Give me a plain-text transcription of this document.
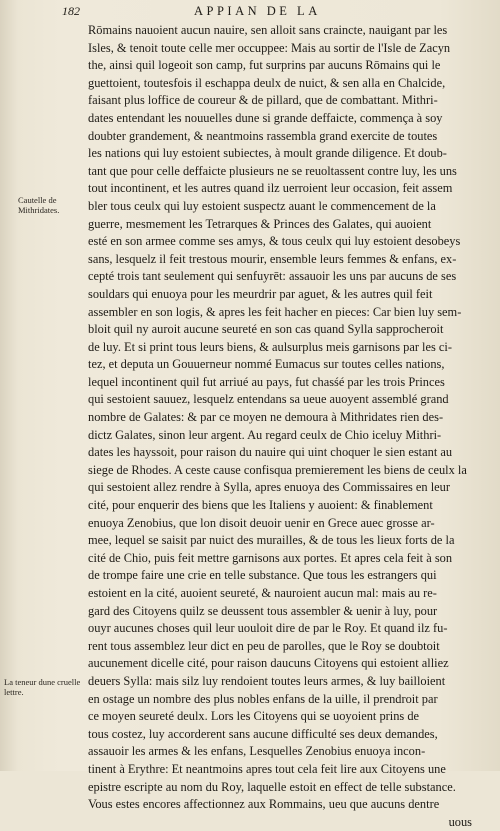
182	APPIAN DE LA
Cautelle de Mithridates.
La teneur dune cruelle lettre.
Rōmains nauoient aucun nauire, sen alloit sans craincte, nauigant par les
Isles, & tenoit toute celle mer occuppee: Mais au sortir de l'Isle de Zacyn
the, ainsi quil logeoit son camp, fut surprins par aucuns Rōmains qui le
guettoient, toutesfois il eschappa deulx de nuict, & sen alla en Chalcide,
faisant plus loffice de coureur & de pillard, que de combattant. Mithri-
dates entendant les nouuelles dune si grande deffaicte, commença à soy
doubter grandement, & neantmoins rassembla grand exercite de toutes
les nations qui luy estoient subiectes, à moult grande diligence. Et doub-
tant que pour celle deffaicte plusieurs ne se reuoltassent contre luy, les uns
tout incontinent, et les autres quand ilz uerroient leur occasion, feit assem
bler tous ceulx qui luy estoient suspectz auant le commencement de la
guerre, mesmement les Tetrarques & Princes des Galates, qui auoient
esté en son armee comme ses amys, & tous ceulx qui luy estoient desobeys
sans, lesquelz il feit trestous mourir, ensemble leurs femmes & enfans, ex-
cepté trois tant seulement qui senfuyrēt: assauoir les uns par aucuns de ses
souldars qui enuoya pour les meurdrir par aguet, & les autres quil feit
assembler en son logis, & apres les feit hacher en pieces: Car bien luy sem-
bloit quil ny auroit aucune seureté en son cas quand Sylla sapprocheroit
de luy. Et si print tous leurs biens, & aulsurplus meis garnisons par les ci-
tez, et deputa un Gouuerneur nommé Eumacus sur toutes celles nations,
lequel incontinent quil fut arriué au pays, fut chasśé par les trois Princes
qui sestoient sauuez, lesquelz entendans sa ueue auoyent assemblé grand
nombre de Galates: & par ce moyen ne demoura à Mithridates rien des-
dictz Galates, sinon leur argent. Au regard ceulx de Chio iceluy Mithri-
dates les hayssoit, pour raison du nauire qui uint choquer le sien estant au
siege de Rhodes. A ceste cause confisqua premierement les biens de ceulx la
qui sestoient allez rendre à Sylla, apres enuoya des Commissaires en leur
cité, pour enquerir des biens que les Italiens y auoient: & finablement
enuoya Zenobius, que lon disoit deuoir uenir en Grece auec grosse ar-
mee, lequel se saisit par nuict des murailles, & de tous les lieux forts de la
cité de Chio, puis feit mettre garnisons aux portes. Et apres cela feit à son
de trompe faire une crie en telle substance. Que tous les estrangers qui
estoient en la cité, auoient seureté, & nauroient aucun mal: mais au re-
gard des Citoyens quilz se deussent tous assembler & uenir à luy, pour
ouyr aucunes choses quil leur uouloit dire de par le Roy. Et quand ilz fu-
rent tous assemblez leur dict en peu de parolles, que le Roy se doubtoit
aucunement dicelle cité, pour raison daucuns Citoyens qui estoient alliez
deuers Sylla: mais silz luy rendoient toutes leurs armes, & luy bailloient
en ostage un nombre des plus nobles enfans de la uille, il prendroit par
ce moyen seureté deulx. Lors les Citoyens qui se uoyoient prins de
tous costez, luy accorderent sans aucune difficulté ses deux demandes,
assauoir les armes & les enfans, Lesquelles Zenobius enuoya incon-
tinent à Erythre: Et neantmoins apres tout cela feit lire aux Citoyens une
epistre escripte au nom du Roy, laquelle estoit en effect de telle substance.
Vous estes encores affectionnez aux Rommains, ueu que aucuns dentre
uous
